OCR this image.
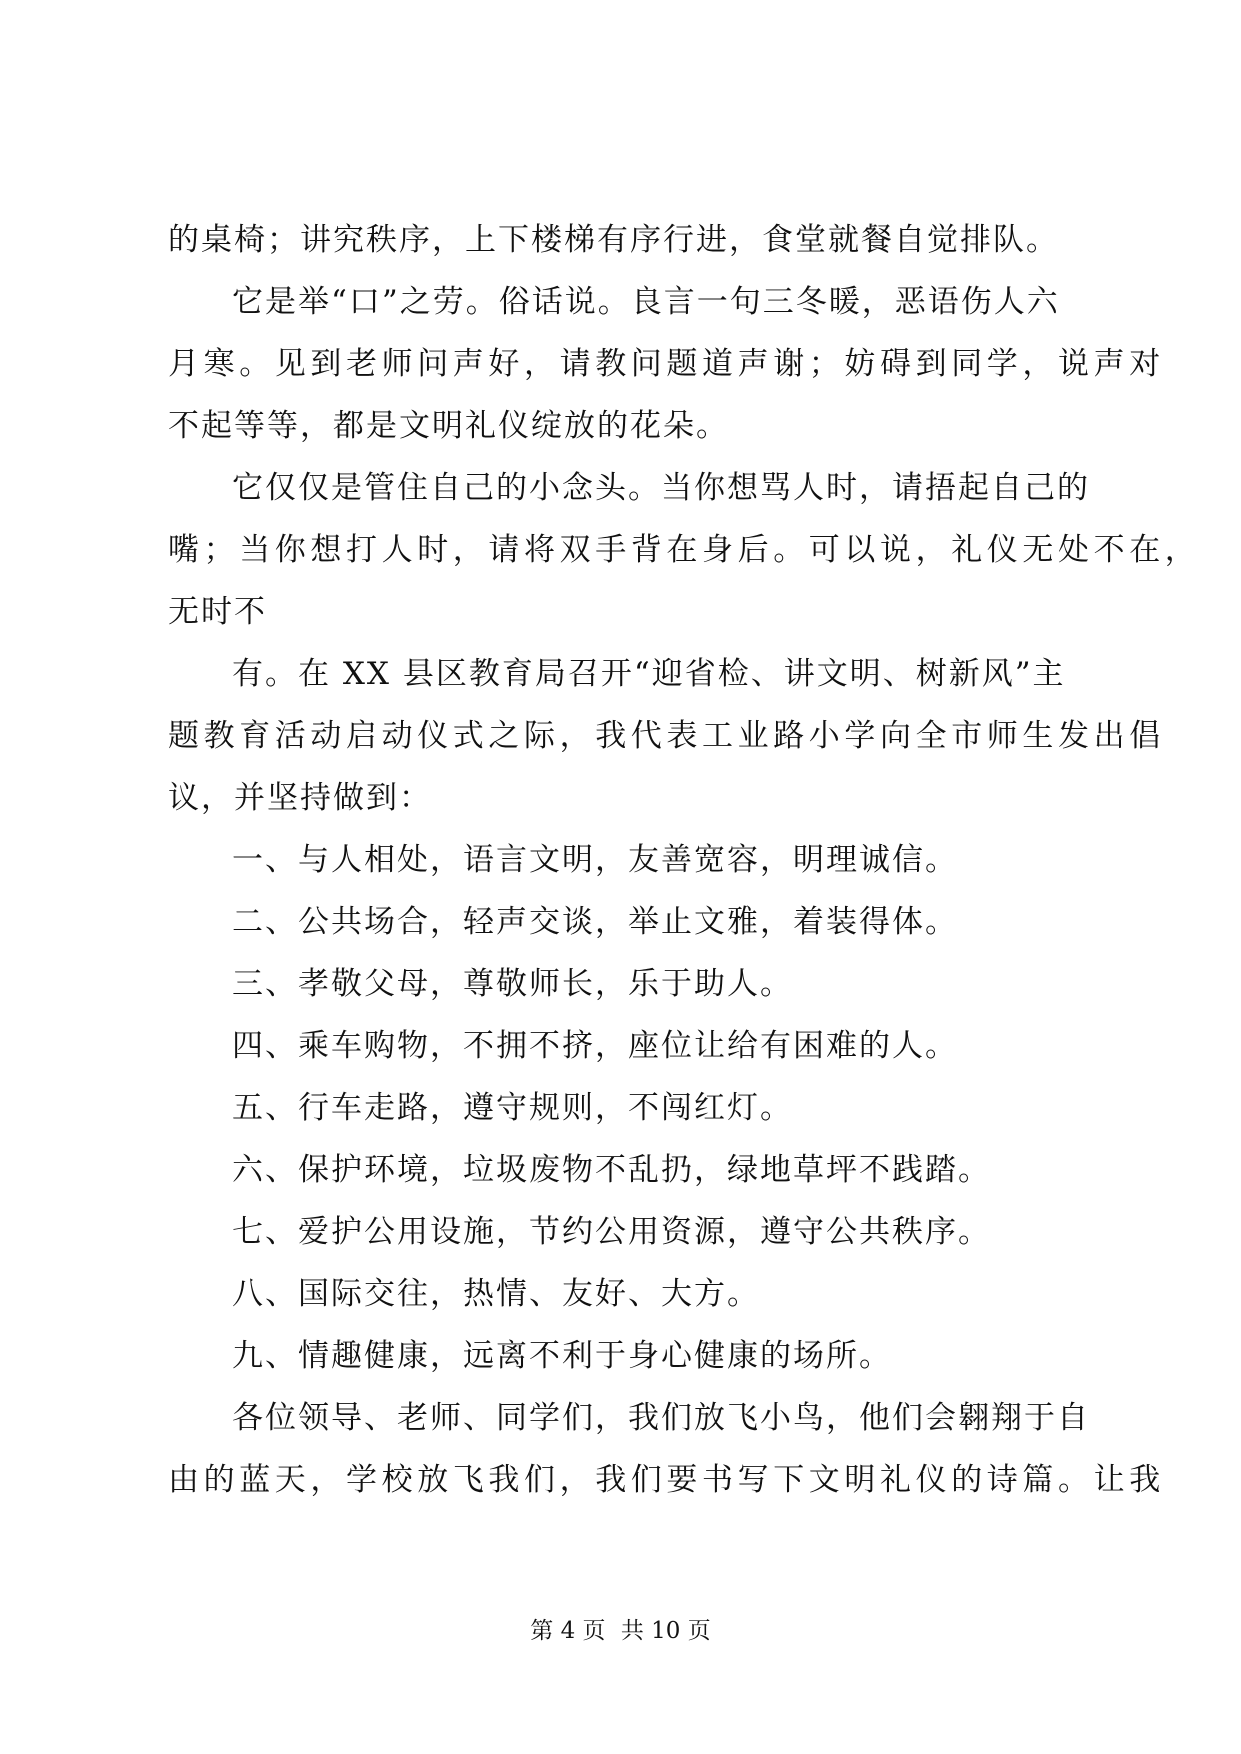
的桌椅；讲究秩序，上下楼梯有序行进，食堂就餐自觉排队。
它是举“口”之劳。俗话说。良言一句三冬暖，恶语伤人六
月寒。见到老师问声好，请教问题道声谢；妨碍到同学，说声对
不起等等，都是文明礼仪绽放的花朵。
它仅仅是管住自己的小念头。当你想骂人时，请捂起自己的
嘴；当你想打人时，请将双手背在身后。可以说，礼仪无处不在，
无时不
有。在 XX 县区教育局召开“迎省检、讲文明、树新风”主
题教育活动启动仪式之际，我代表工业路小学向全市师生发出倡
议，并坚持做到：
一、与人相处，语言文明，友善宽容，明理诚信。
二、公共场合，轻声交谈，举止文雅，着装得体。
三、孝敬父母，尊敬师长，乐于助人。
四、乘车购物，不拥不挤，座位让给有困难的人。
五、行车走路，遵守规则，不闯红灯。
六、保护环境，垃圾废物不乱扔，绿地草坪不践踏。
七、爱护公用设施，节约公用资源，遵守公共秩序。
八、国际交往，热情、友好、大方。
九、情趣健康，远离不利于身心健康的场所。
各位领导、老师、同学们，我们放飞小鸟，他们会翱翔于自
由的蓝天，学校放飞我们，我们要书写下文明礼仪的诗篇。让我
第 4 页 共 10 页
